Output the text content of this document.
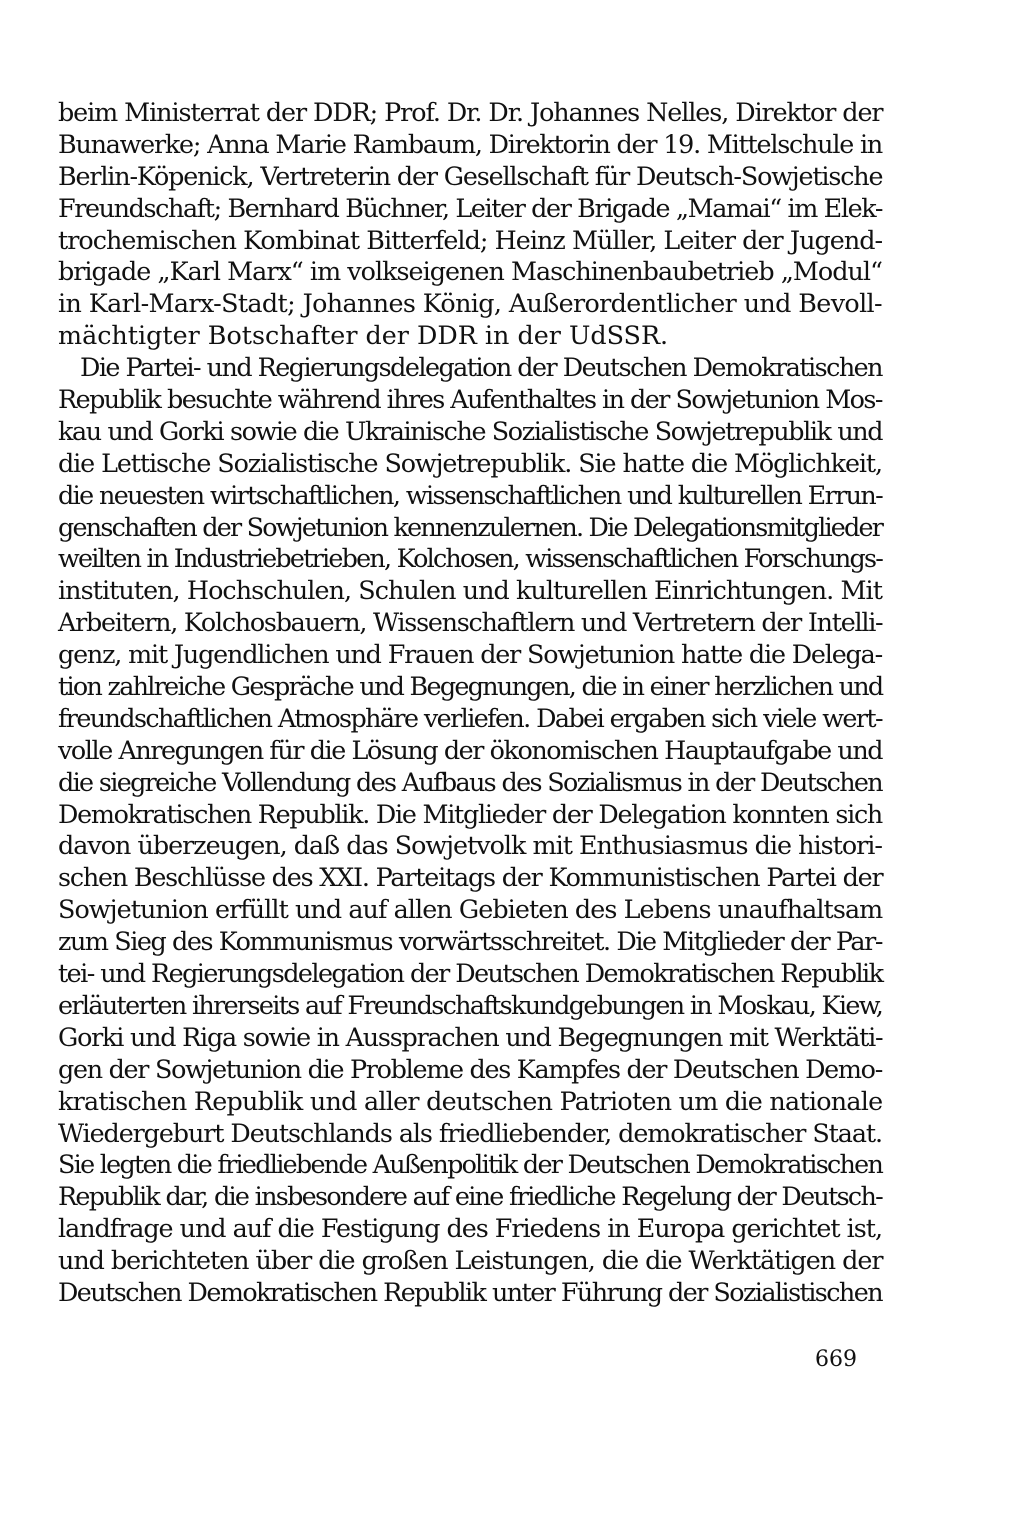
beim Ministerrat der DDR; Prof. Dr. Dr. Johannes Nelles, Direktor der
Bunawerke; Anna Marie Rambaum, Direktorin der 19. Mittelschule in
Berlin-Köpenick, Vertreterin der Gesellschaft für Deutsch-Sowjetische
Freundschaft; Bernhard Büchner, Leiter der Brigade „Mamai“ im Elek-
trochemischen Kombinat Bitterfeld; Heinz Müller, Leiter der Jugend-
brigade „Karl Marx“ im volkseigenen Maschinenbaubetrieb „Modul“
in Karl-Marx-Stadt; Johannes König, Außerordentlicher und Bevoll-
mächtigter Botschafter der DDR in der UdSSR.
Die Partei- und Regierungsdelegation der Deutschen Demokratischen
Republik besuchte während ihres Aufenthaltes in der Sowjetunion Mos-
kau und Gorki sowie die Ukrainische Sozialistische Sowjetrepublik und
die Lettische Sozialistische Sowjetrepublik. Sie hatte die Möglichkeit,
die neuesten wirtschaftlichen, wissenschaftlichen und kulturellen Errun-
genschaften der Sowjetunion kennenzulernen. Die Delegationsmitglieder
weilten in Industriebetrieben, Kolchosen, wissenschaftlichen Forschungs-
instituten, Hochschulen, Schulen und kulturellen Einrichtungen. Mit
Arbeitern, Kolchosbauern, Wissenschaftlern und Vertretern der Intelli-
genz, mit Jugendlichen und Frauen der Sowjetunion hatte die Delega-
tion zahlreiche Gespräche und Begegnungen, die in einer herzlichen und
freundschaftlichen Atmosphäre verliefen. Dabei ergaben sich viele wert-
volle Anregungen für die Lösung der ökonomischen Hauptaufgabe und
die siegreiche Vollendung des Aufbaus des Sozialismus in der Deutschen
Demokratischen Republik. Die Mitglieder der Delegation konnten sich
davon überzeugen, daß das Sowjetvolk mit Enthusiasmus die histori-
schen Beschlüsse des XXI. Parteitags der Kommunistischen Partei der
Sowjetunion erfüllt und auf allen Gebieten des Lebens unaufhaltsam
zum Sieg des Kommunismus vorwärtsschreitet. Die Mitglieder der Par-
tei- und Regierungsdelegation der Deutschen Demokratischen Republik
erläuterten ihrerseits auf Freundschaftskundgebungen in Moskau, Kiew,
Gorki und Riga sowie in Aussprachen und Begegnungen mit Werktäti-
gen der Sowjetunion die Probleme des Kampfes der Deutschen Demo-
kratischen Republik und aller deutschen Patrioten um die nationale
Wiedergeburt Deutschlands als friedliebender, demokratischer Staat.
Sie legten die friedliebende Außenpolitik der Deutschen Demokratischen
Republik dar, die insbesondere auf eine friedliche Regelung der Deutsch-
landfrage und auf die Festigung des Friedens in Europa gerichtet ist,
und berichteten über die großen Leistungen, die die Werktätigen der
Deutschen Demokratischen Republik unter Führung der Sozialistischen
669
